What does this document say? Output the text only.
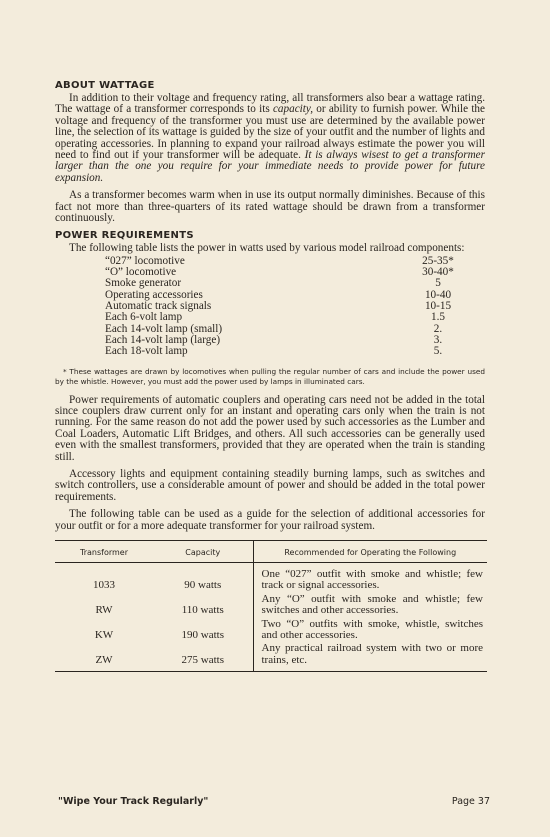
ABOUT WATTAGE

In addition to their voltage and frequency rating, all transformers also bear a wattage rating. The wattage of a transformer corresponds to its capacity, or ability to furnish power. While the voltage and frequency of the transformer you must use are determined by the available power line, the selection of its wattage is guided by the size of your outfit and the number of lights and operating accessories. In planning to expand your railroad always estimate the power you will need to find out if your transformer will be adequate. It is always wisest to get a transformer larger than the one you require for your immediate needs to provide power for future expansion.

As a transformer becomes warm when in use its output normally diminishes. Because of this fact not more than three-quarters of its rated wattage should be drawn from a transformer continuously.

POWER REQUIREMENTS

The following table lists the power in watts used by various model railroad components:

“027” locomotive	25-35*
“O” locomotive	30-40*
Smoke generator	5
Operating accessories	10-40
Automatic track signals	10-15
Each 6-volt lamp	1.5
Each 14-volt lamp (small)	2.
Each 14-volt lamp (large)	3.
Each 18-volt lamp	5.
* These wattages are drawn by locomotives when pulling the regular number of cars and include the power used by the whistle. However, you must add the power used by lamps in illuminated cars.

Power requirements of automatic couplers and operating cars need not be added in the total since couplers draw current only for an instant and operating cars only when the train is not running. For the same reason do not add the power used by such accessories as the Lumber and Coal Loaders, Automatic Lift Bridges, and others. All such accessories can be generally used even with the smallest transformers, provided that they are operated when the train is standing still.

Accessory lights and equipment containing steadily burning lamps, such as switches and switch controllers, use a considerable amount of power and should be added in the total power requirements.

The following table can be used as a guide for the selection of additional accessories for your outfit or for a more adequate transformer for your railroad system.

Transformer	Capacity	Recommended for Operating the Following
1033	90 watts	One “027” outfit with smoke and whistle; few track or signal accessories.
RW	110 watts	Any “O” outfit with smoke and whistle; few switches and other accessories.
KW	190 watts	Two “O” outfits with smoke, whistle, switches and other accessories.
ZW	275 watts	Any practical railroad system with two or more trains, etc.
"Wipe Your Track Regularly"	Page 37
